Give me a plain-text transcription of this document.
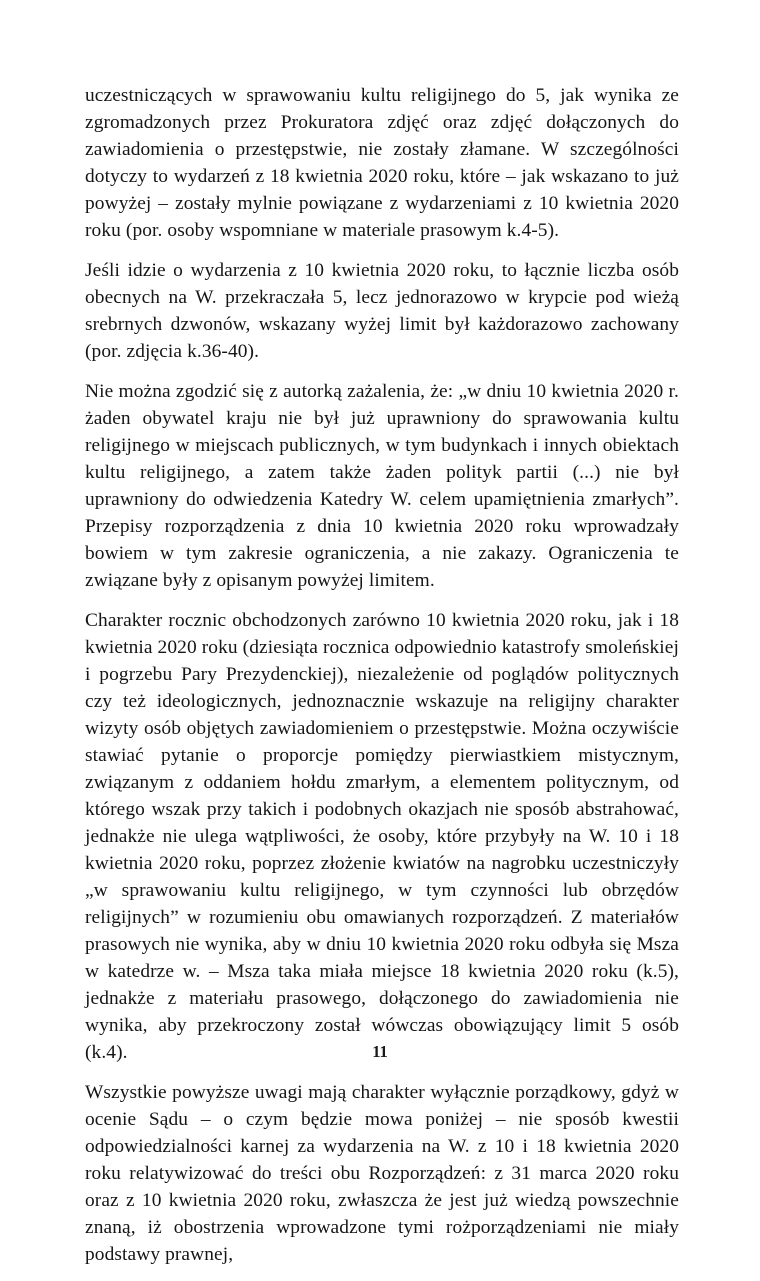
uczestniczących w sprawowaniu kultu religijnego do 5, jak wynika ze zgromadzonych przez Prokuratora zdjęć oraz zdjęć dołączonych do zawiadomienia o przestępstwie, nie zostały złamane. W szczególności dotyczy to wydarzeń z 18 kwietnia 2020 roku, które – jak wskazano to już powyżej – zostały mylnie powiązane z wydarzeniami z 10 kwietnia 2020 roku (por. osoby wspomniane w materiale prasowym k.4-5).

Jeśli idzie o wydarzenia z 10 kwietnia 2020 roku, to łącznie liczba osób obecnych na W. przekraczała 5, lecz jednorazowo w krypcie pod wieżą srebrnych dzwonów, wskazany wyżej limit był każdorazowo zachowany (por. zdjęcia k.36-40).

Nie można zgodzić się z autorką zażalenia, że: „w dniu 10 kwietnia 2020 r. żaden obywatel kraju nie był już uprawniony do sprawowania kultu religijnego w miejscach publicznych, w tym budynkach i innych obiektach kultu religijnego, a zatem także żaden polityk partii (...) nie był uprawniony do odwiedzenia Katedry W. celem upamiętnienia zmarłych”. Przepisy rozporządzenia z dnia 10 kwietnia 2020 roku wprowadzały bowiem w tym zakresie ograniczenia, a nie zakazy. Ograniczenia te związane były z opisanym powyżej limitem.

Charakter rocznic obchodzonych zarówno 10 kwietnia 2020 roku, jak i 18 kwietnia 2020 roku (dziesiąta rocznica odpowiednio katastrofy smoleńskiej i pogrzebu Pary Prezydenckiej), niezależenie od poglądów politycznych czy też ideologicznych, jednoznacznie wskazuje na religijny charakter wizyty osób objętych zawiadomieniem o przestępstwie. Można oczywiście stawiać pytanie o proporcje pomiędzy pierwiastkiem mistycznym, związanym z oddaniem hołdu zmarłym, a elementem politycznym, od którego wszak przy takich i podobnych okazjach nie sposób abstrahować, jednakże nie ulega wątpliwości, że osoby, które przybyły na W. 10 i 18 kwietnia 2020 roku, poprzez złożenie kwiatów na nagrobku uczestniczyły „w sprawowaniu kultu religijnego, w tym czynności lub obrzędów religijnych” w rozumieniu obu omawianych rozporządzeń. Z materiałów prasowych nie wynika, aby w dniu 10 kwietnia 2020 roku odbyła się Msza w katedrze w. – Msza taka miała miejsce 18 kwietnia 2020 roku (k.5), jednakże z materiału prasowego, dołączonego do zawiadomienia nie wynika, aby przekroczony został wówczas obowiązujący limit 5 osób (k.4).

Wszystkie powyższe uwagi mają charakter wyłącznie porządkowy, gdyż w ocenie Sądu – o czym będzie mowa poniżej – nie sposób kwestii odpowiedzialności karnej za wydarzenia na W. z 10 i 18 kwietnia 2020 roku relatywizować do treści obu Rozporządzeń: z 31 marca 2020 roku oraz z 10 kwietnia 2020 roku, zwłaszcza że jest już wiedzą powszechnie znaną, iż obostrzenia wprowadzone tymi rożporządzeniami nie miały podstawy prawnej,

11
